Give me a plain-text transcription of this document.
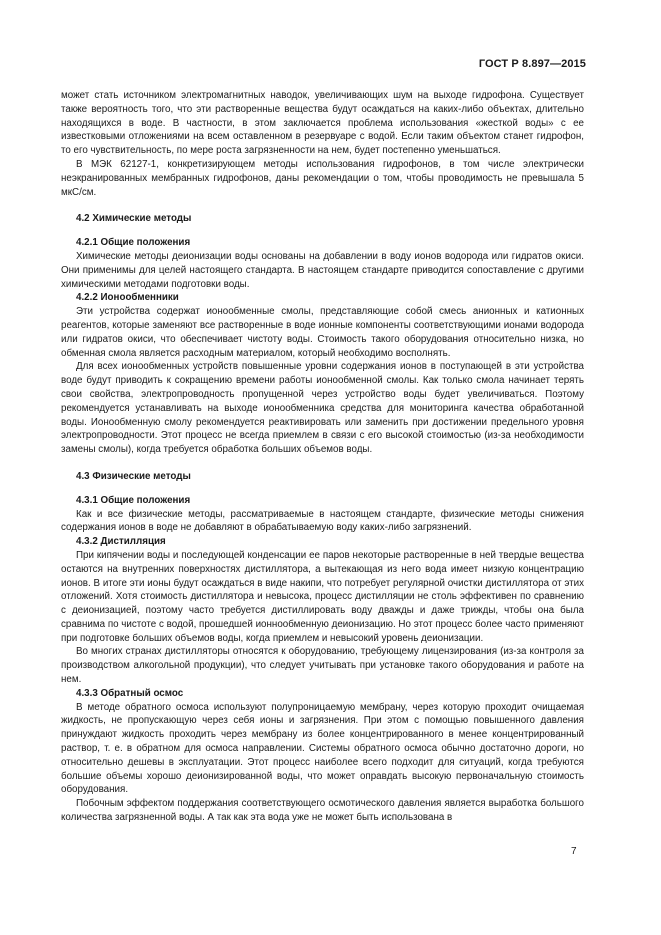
ГОСТ Р 8.897—2015

может стать источником электромагнитных наводок, увеличивающих шум на выходе гидрофона. Существует также вероятность того, что эти растворенные вещества будут осаждаться на каких-либо объектах, длительно находящихся в воде. В частности, в этом заключается проблема использования «жесткой воды» с ее известковыми отложениями на всем оставленном в резервуаре с водой. Если таким объектом станет гидрофон, то его чувствительность, по мере роста загрязненности на нем, будет постепенно уменьшаться.

В МЭК 62127-1, конкретизирующем методы использования гидрофонов, в том числе электрически неэкранированных мембранных гидрофонов, даны рекомендации о том, чтобы проводимость не превышала 5 мкС/см.

4.2 Химические методы
4.2.1 Общие положения

Химические методы деионизации воды основаны на добавлении в воду ионов водорода или гидратов окиси. Они применимы для целей настоящего стандарта. В настоящем стандарте приводится сопоставление с другими химическими методами подготовки воды.

4.2.2 Ионообменники

Эти устройства содержат ионообменные смолы, представляющие собой смесь анионных и катионных реагентов, которые заменяют все растворенные в воде ионные компоненты соответствующими ионами водорода или гидратов окиси, что обеспечивает чистоту воды. Стоимость такого оборудования относительно низка, но обменная смола является расходным материалом, который необходимо восполнять.

Для всех ионообменных устройств повышенные уровни содержания ионов в поступающей в эти устройства воде будут приводить к сокращению времени работы ионообменной смолы. Как только смола начинает терять свои свойства, электропроводность пропущенной через устройство воды будет увеличиваться. Поэтому рекомендуется устанавливать на выходе ионообменника средства для мониторинга качества обработанной воды. Ионообменную смолу рекомендуется реактивировать или заменить при достижении предельного уровня электропроводности. Этот процесс не всегда приемлем в связи с его высокой стоимостью (из-за необходимости замены смолы), когда требуется обработка больших объемов воды.

4.3 Физические методы
4.3.1 Общие положения

Как и все физические методы, рассматриваемые в настоящем стандарте, физические методы снижения содержания ионов в воде не добавляют в обрабатываемую воду каких-либо загрязнений.

4.3.2 Дистилляция

При кипячении воды и последующей конденсации ее паров некоторые растворенные в ней твердые вещества остаются на внутренних поверхностях дистиллятора, а вытекающая из него вода имеет низкую концентрацию ионов. В итоге эти ионы будут осаждаться в виде накипи, что потребует регулярной очистки дистиллятора от этих отложений. Хотя стоимость дистиллятора и невысока, процесс дистилляции не столь эффективен по сравнению с деионизацией, поэтому часто требуется дистиллировать воду дважды и даже трижды, чтобы она была сравнима по чистоте с водой, прошедшей ионнообменную деионизацию. Но этот процесс более часто применяют при подготовке больших объемов воды, когда приемлем и невысокий уровень деионизации.

Во многих странах дистилляторы относятся к оборудованию, требующему лицензирования (из-за контроля за производством алкогольной продукции), что следует учитывать при установке такого оборудования и работе на нем.

4.3.3 Обратный осмос

В методе обратного осмоса используют полупроницаемую мембрану, через которую проходит очищаемая жидкость, не пропускающую через себя ионы и загрязнения. При этом с помощью повышенного давления принуждают жидкость проходить через мембрану из более концентрированного в менее концентрированный раствор, т. е. в обратном для осмоса направлении. Системы обратного осмоса обычно достаточно дороги, но относительно дешевы в эксплуатации. Этот процесс наиболее всего подходит для ситуаций, когда требуются большие объемы хорошо деионизированной воды, что может оправдать высокую первоначальную стоимость оборудования.

Побочным эффектом поддержания соответствующего осмотического давления является выработка большого количества загрязненной воды. А так как эта вода уже не может быть использована в

7
